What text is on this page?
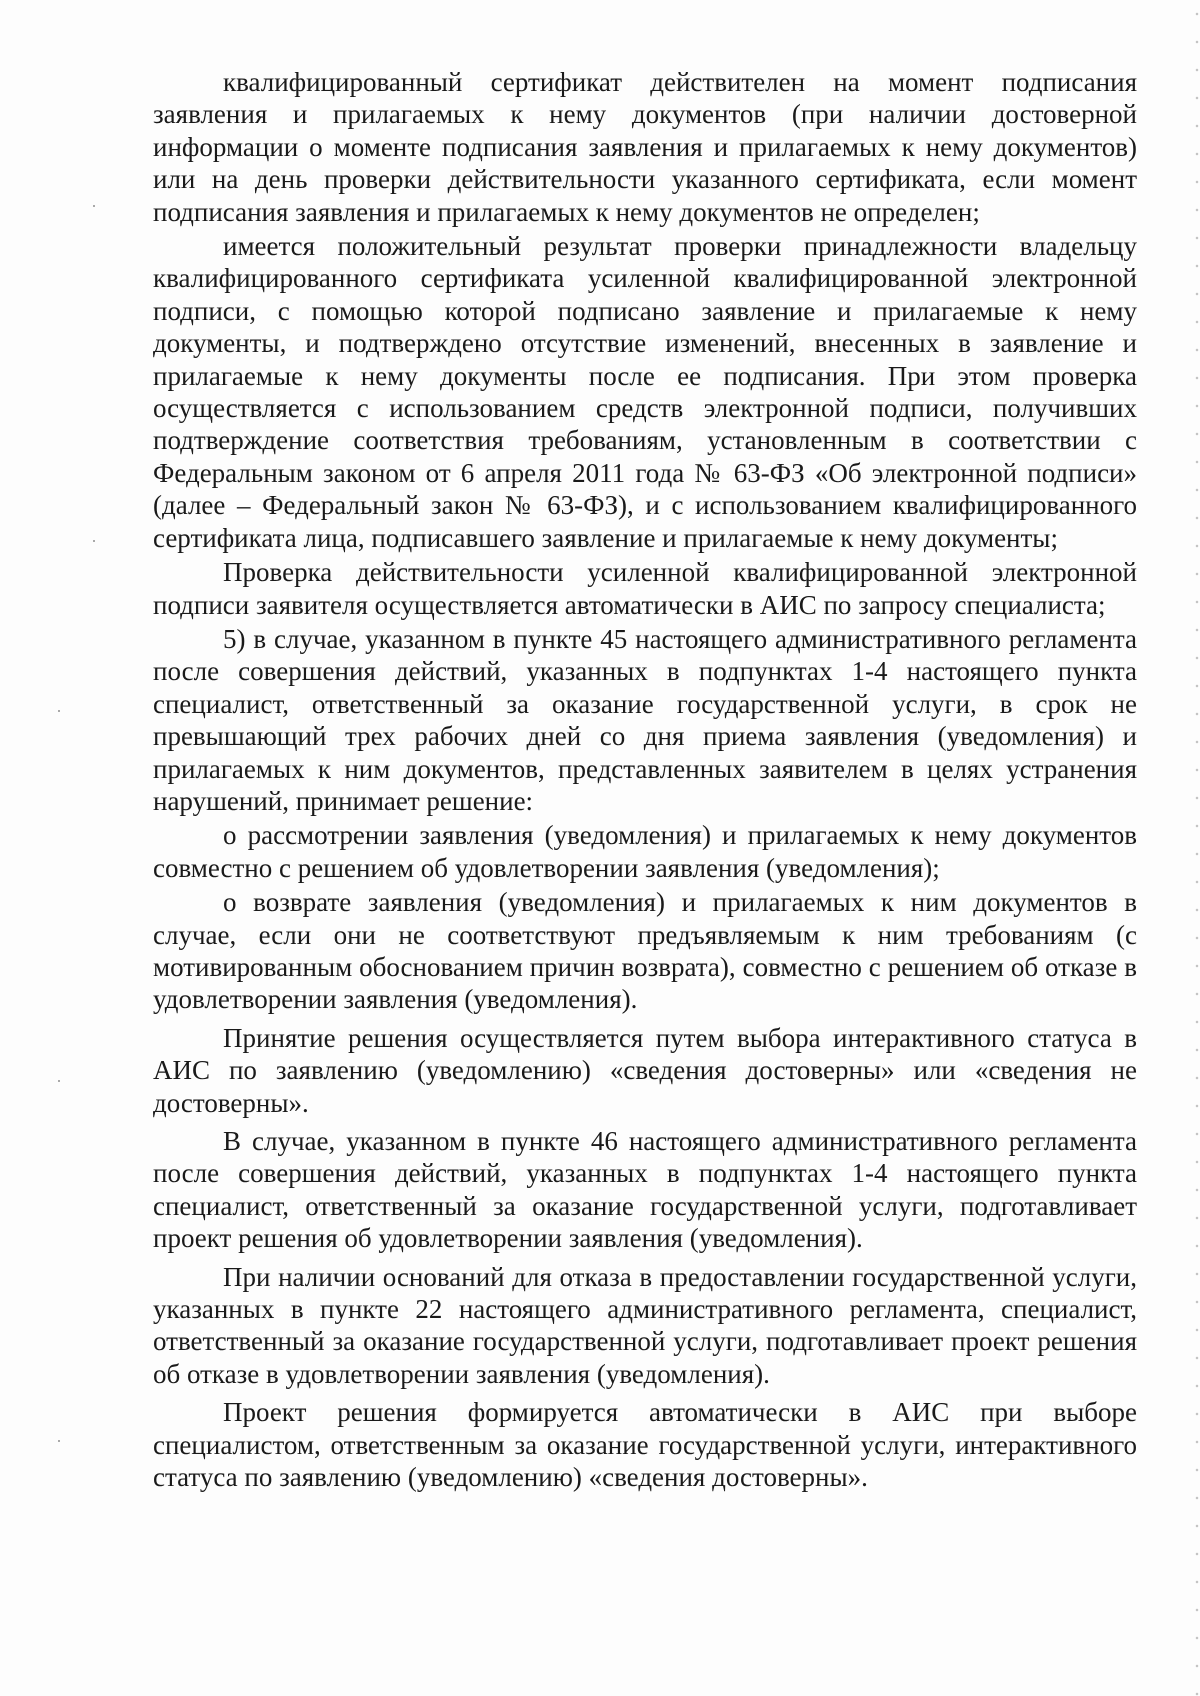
квалифицированный сертификат действителен на момент подписания заявления и прилагаемых к нему документов (при наличии достоверной информации о моменте подписания заявления и прилагаемых к нему документов) или на день проверки действительности указанного сертификата, если момент подписания заявления и прилагаемых к нему документов не определен;

имеется положительный результат проверки принадлежности владельцу квалифицированного сертификата усиленной квалифицированной электронной подписи, с помощью которой подписано заявление и прилагаемые к нему документы, и подтверждено отсутствие изменений, внесенных в заявление и прилагаемые к нему документы после ее подписания. При этом проверка осуществляется с использованием средств электронной подписи, получивших подтверждение соответствия требованиям, установленным в соответствии с Федеральным законом от 6 апреля 2011 года № 63-ФЗ «Об электронной подписи» (далее – Федеральный закон № 63-ФЗ), и с использованием квалифицированного сертификата лица, подписавшего заявление и прилагаемые к нему документы;

Проверка действительности усиленной квалифицированной электронной подписи заявителя осуществляется автоматически в АИС по запросу специалиста;

5) в случае, указанном в пункте 45 настоящего административного регламента после совершения действий, указанных в подпунктах 1-4 настоящего пункта специалист, ответственный за оказание государственной услуги, в срок не превышающий трех рабочих дней со дня приема заявления (уведомления) и прилагаемых к ним документов, представленных заявителем в целях устранения нарушений, принимает решение:

о рассмотрении заявления (уведомления) и прилагаемых к нему документов совместно с решением об удовлетворении заявления (уведомления);

о возврате заявления (уведомления) и прилагаемых к ним документов в случае, если они не соответствуют предъявляемым к ним требованиям (с мотивированным обоснованием причин возврата), совместно с решением об отказе в удовлетворении заявления (уведомления).

Принятие решения осуществляется путем выбора интерактивного статуса в АИС по заявлению (уведомлению) «сведения достоверны» или «сведения не достоверны».

В случае, указанном в пункте 46 настоящего административного регламента после совершения действий, указанных в подпунктах 1-4 настоящего пункта специалист, ответственный за оказание государственной услуги, подготавливает проект решения об удовлетворении заявления (уведомления).

При наличии оснований для отказа в предоставлении государственной услуги, указанных в пункте 22 настоящего административного регламента, специалист, ответственный за оказание государственной услуги, подготавливает проект решения об отказе в удовлетворении заявления (уведомления).

Проект решения формируется автоматически в АИС при выборе специалистом, ответственным за оказание государственной услуги, интерактивного статуса по заявлению (уведомлению) «сведения достоверны».
